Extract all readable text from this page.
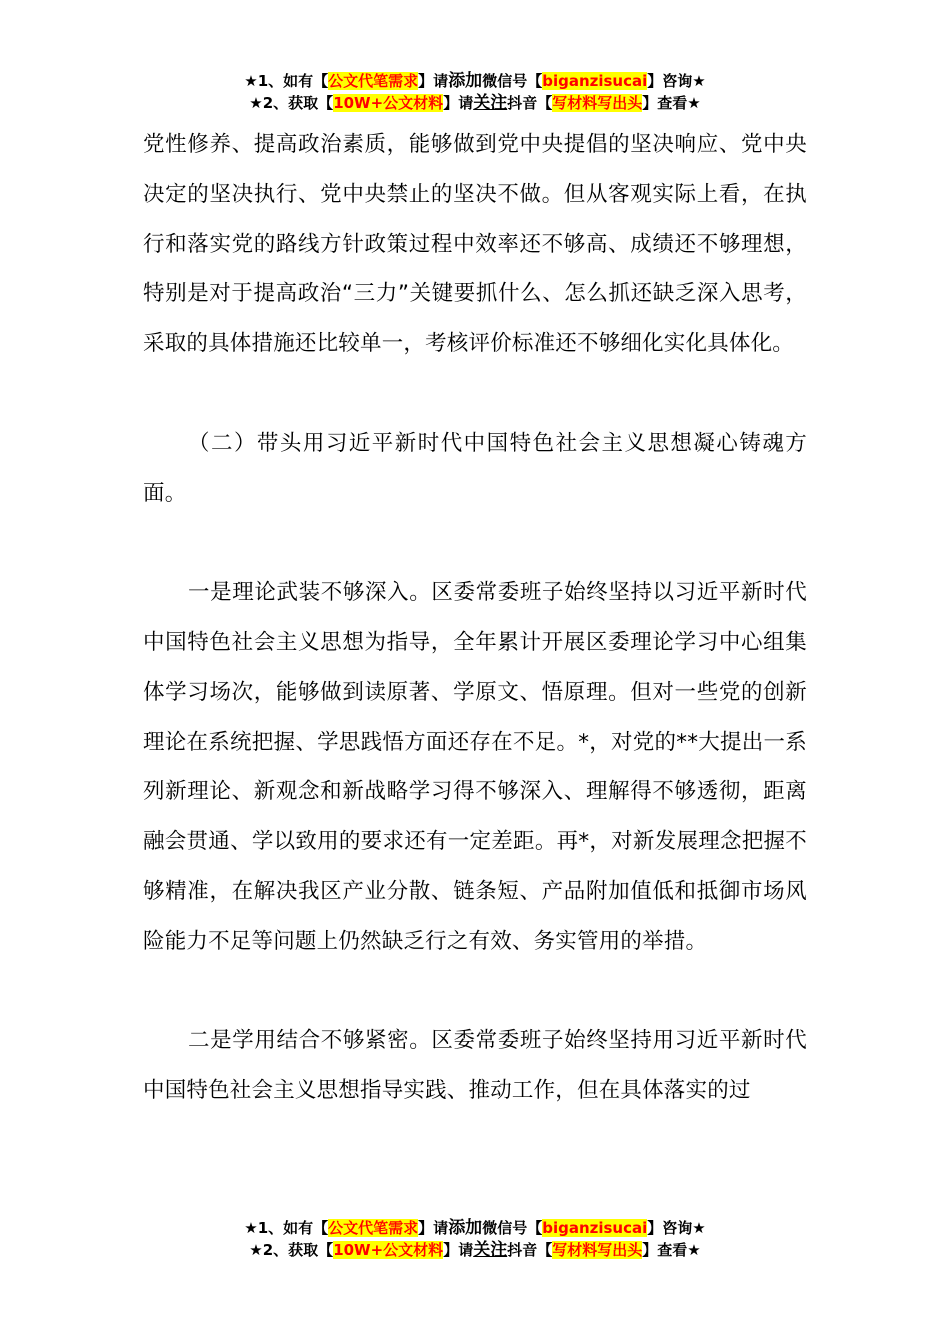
★1、如有【公文代笔需求】请添加微信号【biganzisucai】咨询★
★2、获取【10W+公文材料】请关注抖音【写材料写出头】查看★

党性修养、提高政治素质，能够做到党中央提倡的坚决响应、党中央决定的坚决执行、党中央禁止的坚决不做。但从客观实际上看，在执行和落实党的路线方针政策过程中效率还不够高、成绩还不够理想，特别是对于提高政治“三力”关键要抓什么、怎么抓还缺乏深入思考，采取的具体措施还比较单一，考核评价标准还不够细化实化具体化。

（二）带头用习近平新时代中国特色社会主义思想凝心铸魂方面。

一是理论武装不够深入。区委常委班子始终坚持以习近平新时代中国特色社会主义思想为指导，全年累计开展区委理论学习中心组集体学习场次，能够做到读原著、学原文、悟原理。但对一些党的创新理论在系统把握、学思践悟方面还存在不足。*，对党的**大提出一系列新理论、新观念和新战略学习得不够深入、理解得不够透彻，距离融会贯通、学以致用的要求还有一定差距。再*，对新发展理念把握不够精准，在解决我区产业分散、链条短、产品附加值低和抵御市场风险能力不足等问题上仍然缺乏行之有效、务实管用的举措。

二是学用结合不够紧密。区委常委班子始终坚持用习近平新时代中国特色社会主义思想指导实践、推动工作，但在具体落实的过

★1、如有【公文代笔需求】请添加微信号【biganzisucai】咨询★
★2、获取【10W+公文材料】请关注抖音【写材料写出头】查看★
